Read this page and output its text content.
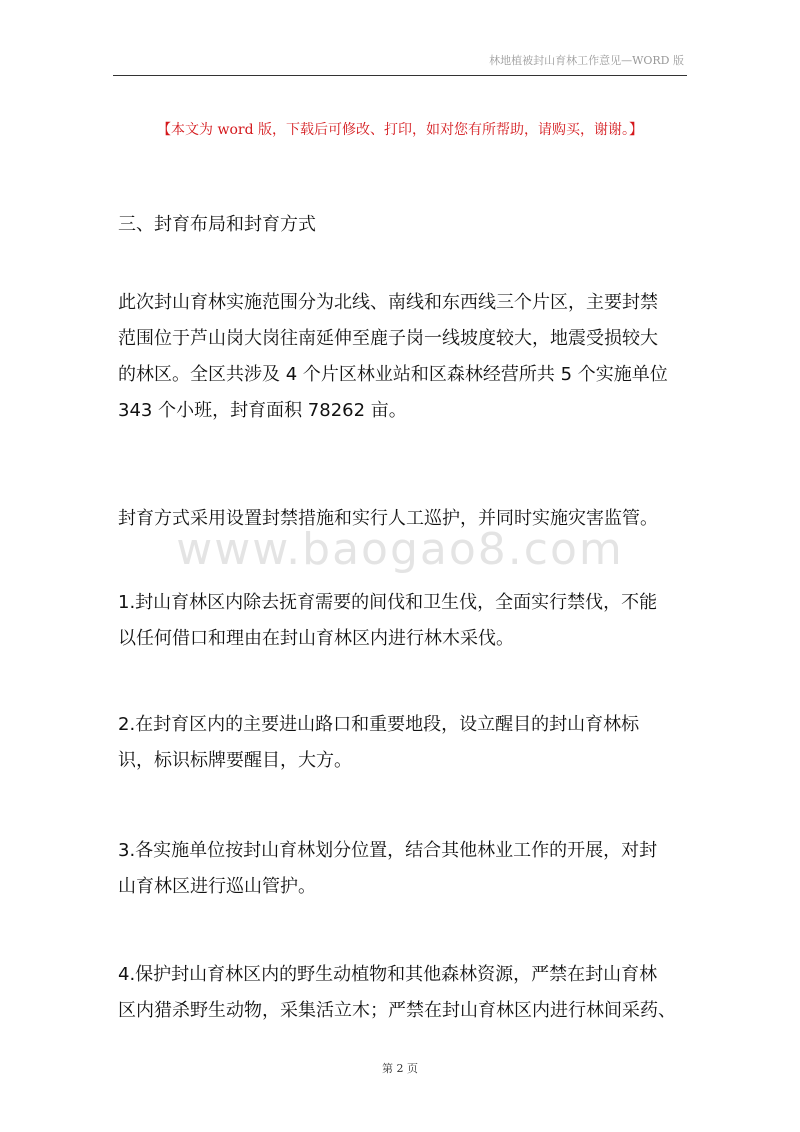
林地植被封山育林工作意见—WORD 版
【本文为 word 版，下载后可修改、打印，如对您有所帮助，请购买，谢谢。】
三、封育布局和封育方式
此次封山育林实施范围分为北线、南线和东西线三个片区，主要封禁
范围位于芦山岗大岗往南延伸至鹿子岗一线坡度较大，地震受损较大
的林区。全区共涉及 4 个片区林业站和区森林经营所共 5 个实施单位
343 个小班，封育面积 78262 亩。
封育方式采用设置封禁措施和实行人工巡护，并同时实施灾害监管。
www.baogao8.com
1.封山育林区内除去抚育需要的间伐和卫生伐，全面实行禁伐，不能
以任何借口和理由在封山育林区内进行林木采伐。
2.在封育区内的主要进山路口和重要地段，设立醒目的封山育林标
识，标识标牌要醒目，大方。
3.各实施单位按封山育林划分位置，结合其他林业工作的开展，对封
山育林区进行巡山管护。
4.保护封山育林区内的野生动植物和其他森林资源，严禁在封山育林
区内猎杀野生动物，采集活立木；严禁在封山育林区内进行林间采药、
第 2 页
